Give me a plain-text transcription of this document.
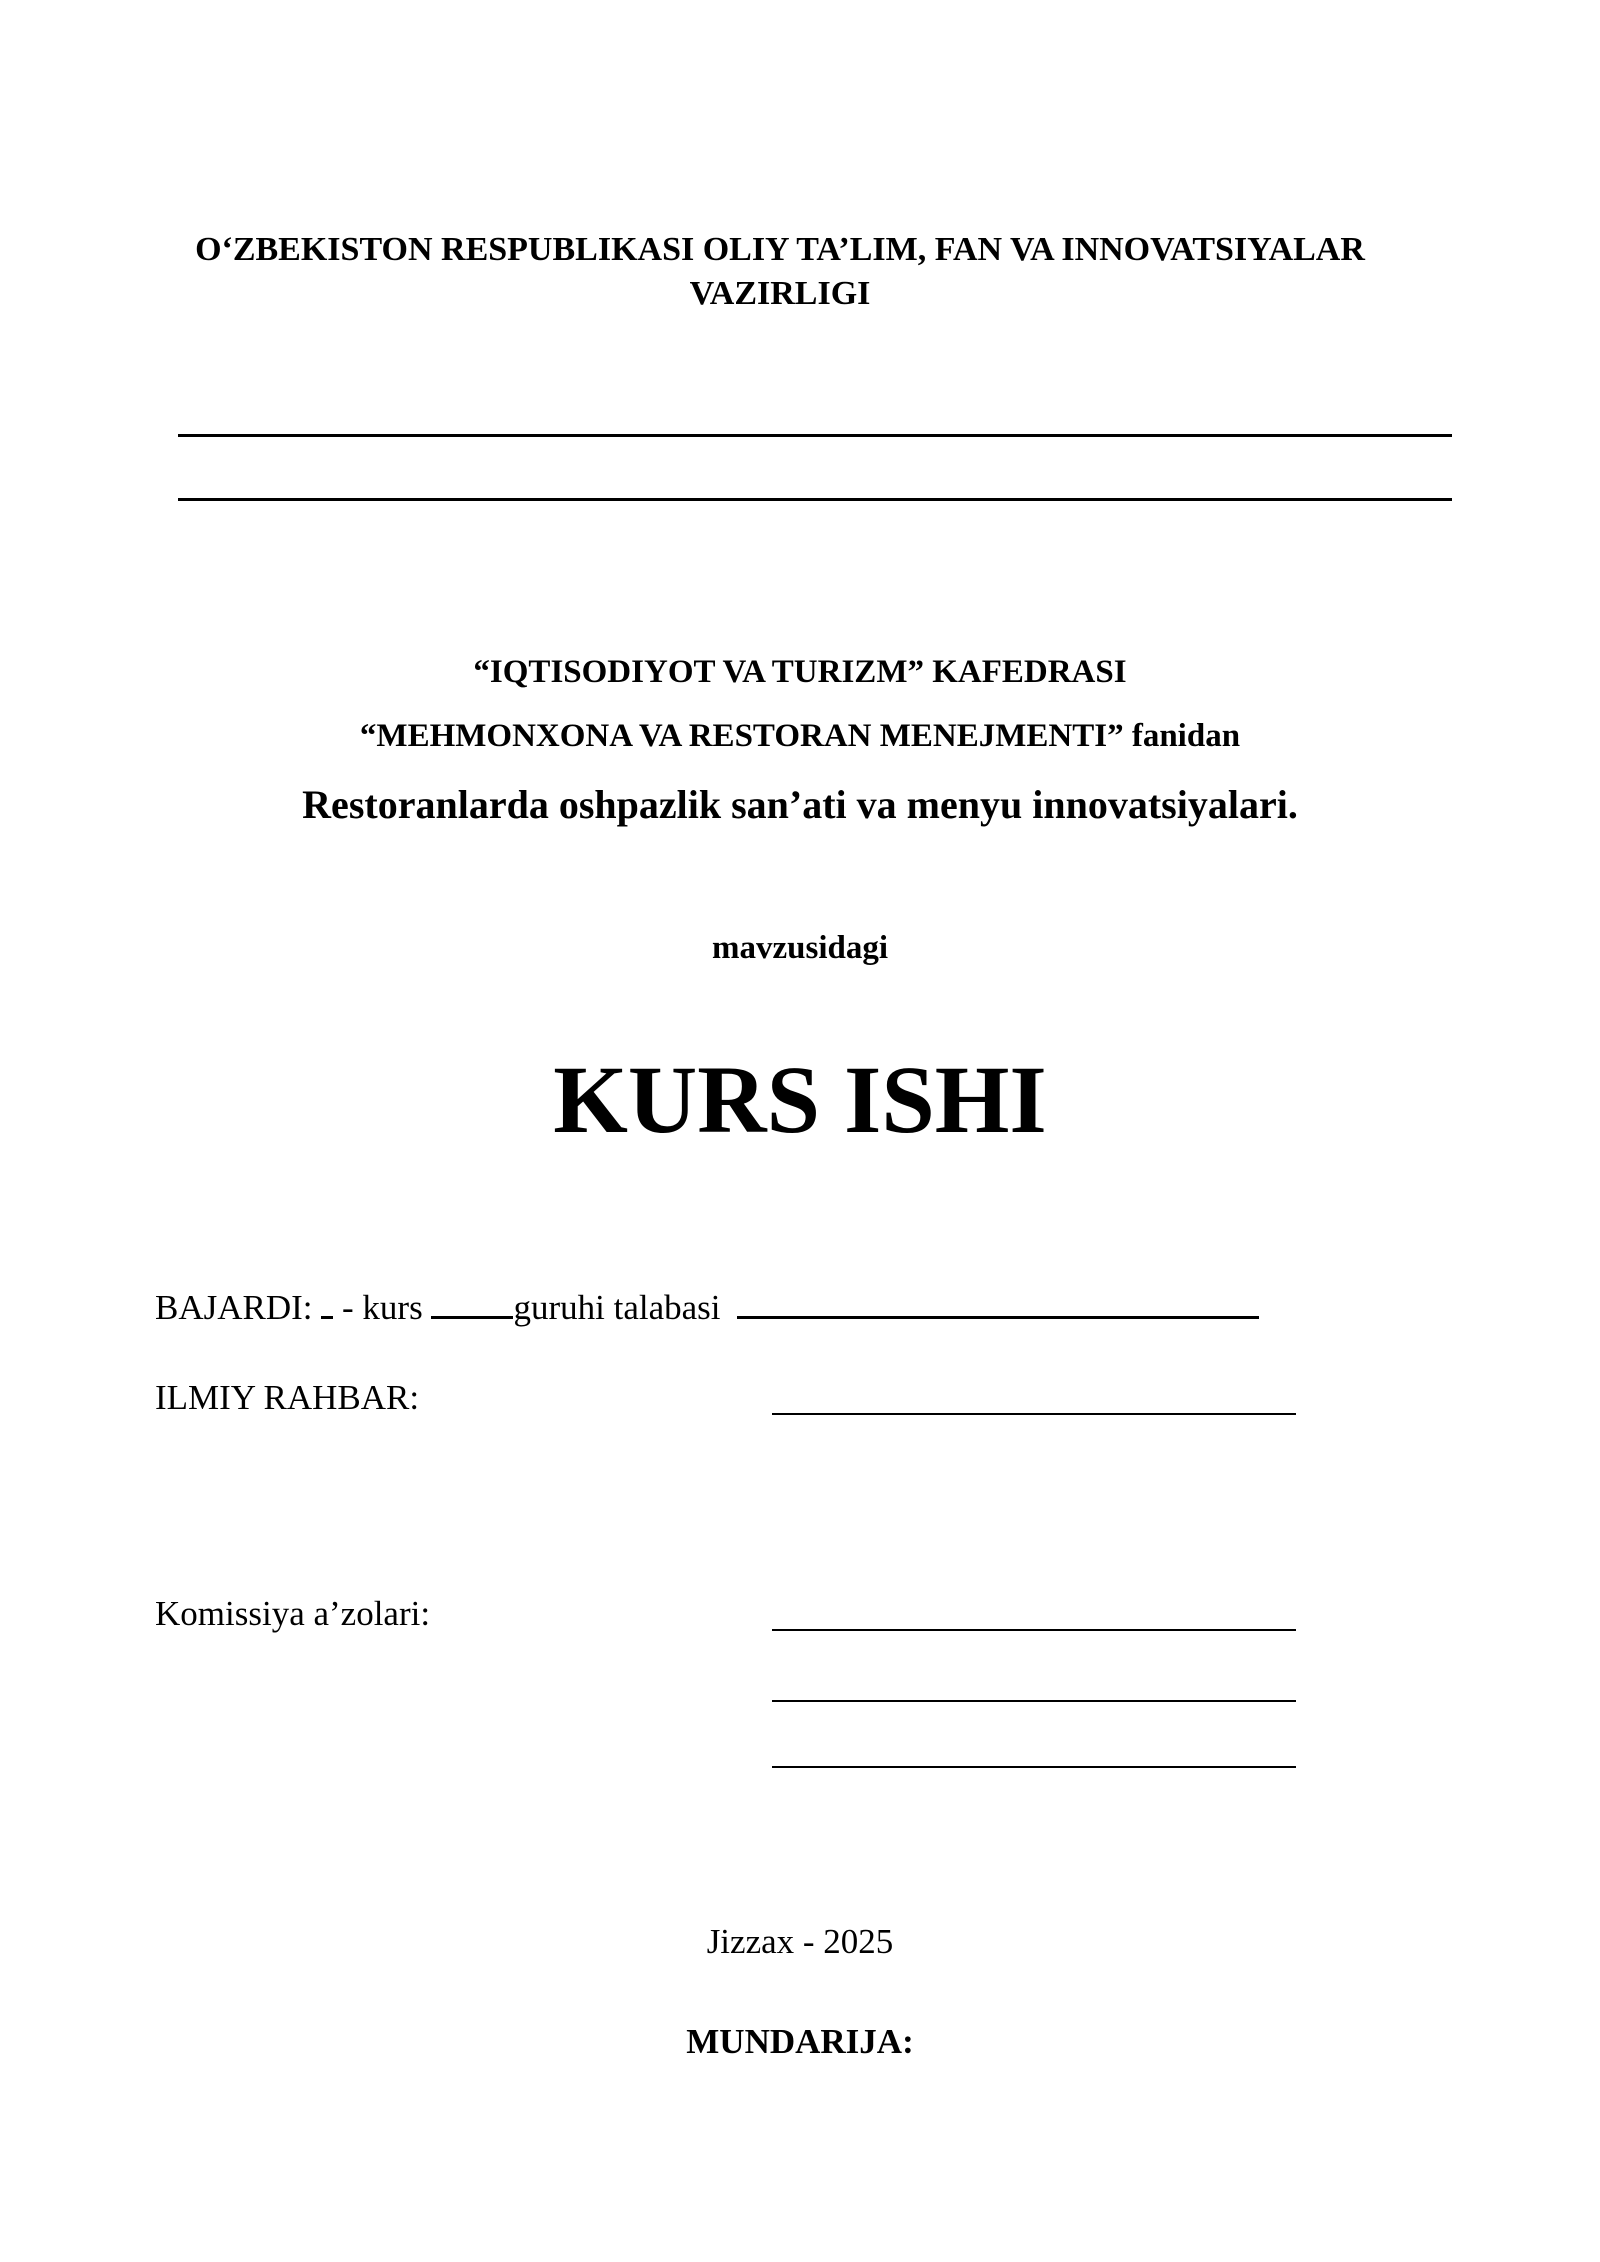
O‘ZBEKISTON RESPUBLIKASI OLIY TA’LIM, FAN VA INNOVATSIYALAR VAZIRLIGI
“IQTISODIYOT VA TURIZM” KAFEDRASI
“MEHMONXONA VA RESTORAN MENEJMENTI” fanidan
Restoranlarda oshpazlik san’ati va menyu innovatsiyalari.
mavzusidagi
KURS ISHI
BAJARDI: - kurs	guruhi talabasi
ILMIY RAHBAR:
Komissiya a’zolari:
Jizzax - 2025
MUNDARIJA:
